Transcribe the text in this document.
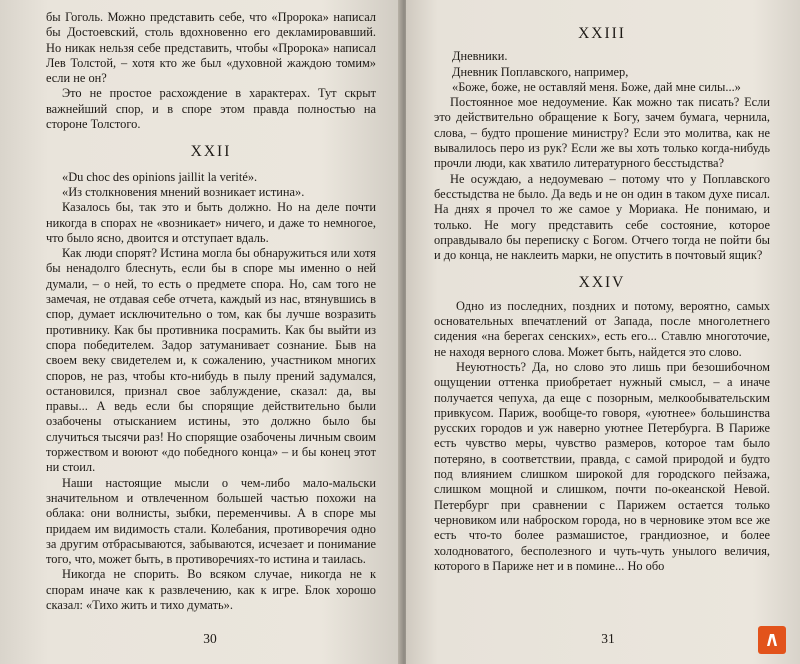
бы Гоголь. Можно представить себе, что «Пророка» написал бы Достоевский, столь вдохновенно его декламировавший. Но никак нельзя себе представить, чтобы «Пророка» написал Лев Толстой, – хотя кто же был «духовной жаждою томим» если не он?

Это не простое расхождение в характерах. Тут скрыт важнейший спор, и в споре этом правда полностью на стороне Толстого.

XXII

«Du choc des opinions jaillit la verité».

«Из столкновения мнений возникает истина».

Казалось бы, так это и быть должно. Но на деле почти никогда в спорах не «возникает» ничего, и даже то немногое, что было ясно, двоится и отступает вдаль.

Как люди спорят? Истина могла бы обнаружиться или хотя бы ненадолго блеснуть, если бы в споре мы именно о ней думали, – о ней, то есть о предмете спора. Но, сам того не замечая, не отдавая себе отчета, каждый из нас, втянувшись в спор, думает исключительно о том, как бы лучше возразить противнику. Как бы противника посрамить. Как бы выйти из спора победителем. Задор затуманивает сознание. Быв на своем веку свидетелем и, к сожалению, участником многих споров, не раз, чтобы кто-нибудь в пылу прений задумался, остановился, признал свое заблуждение, сказал: да, вы правы... А ведь если бы спорящие действительно были озабочены отысканием истины, это должно было бы случиться тысячи раз! Но спорящие озабочены личным своим торжеством и воюют «до победного конца» – и бы конец этот ни стоил.

Наши настоящие мысли о чем-либо мало-мальски значительном и отвлеченном большей частью похожи на облака: они волнисты, зыбки, переменчивы. А в споре мы придаем им видимость стали. Колебания, противоречия одно за другим отбрасываются, забываются, исчезает и понимание того, что, может быть, в противоречиях-то истина и таилась.

Никогда не спорить. Во всяком случае, никогда не к спорам иначе как к развлечению, как к игре. Блок хорошо сказал: «Тихо жить и тихо думать».

30
XXIII

Дневники.

Дневник Поплавского, например,

«Боже, боже, не оставляй меня. Боже, дай мне силы...»

Постоянное мое недоумение. Как можно так писать? Если это действительно обращение к Богу, зачем бумага, чернила, слова, – будто прошение министру? Если это молитва, как не вывалилось перо из рук? Если же вы хоть только когда-нибудь прочли люди, как хватило литературного бесстыдства?

Не осуждаю, а недоумеваю – потому что у Поплавского бесстыдства не было. Да ведь и не он один в таком духе писал. На днях я прочел то же самое у Мориака. Не понимаю, и только. Не могу представить себе состояние, которое оправдывало бы переписку с Богом. Отчего тогда не пойти бы и до конца, не наклеить марки, не опустить в почтовый ящик?

XXIV

Одно из последних, поздних и потому, вероятно, самых основательных впечатлений от Запада, после многолетнего сидения «на берегах сенских», есть его... Ставлю многоточие, не находя верного слова. Может быть, найдется это слово.

Неуютность? Да, но слово это лишь при безошибочном ощущении оттенка приобретает нужный смысл, – а иначе получается чепуха, да еще с позорным, мелкообывательским привкусом. Париж, вообще-то говоря, «уютнее» большинства русских городов и уж наверно уютнее Петербурга. В Париже есть чувство меры, чувство размеров, которое там было потеряно, в соответствии, правда, с самой природой и будто под влиянием слишком широкой для городского пейзажа, слишком мощной и слишком, почти по-океанской Невой. Петербург при сравнении с Парижем остается только черновиком или наброском города, но в черновике этом все же есть что-то более размашистое, грандиозное, и более холодноватого, бесполезного и чуть-чуть унылого величия, которого в Париже нет и в помине... Но обо

31
